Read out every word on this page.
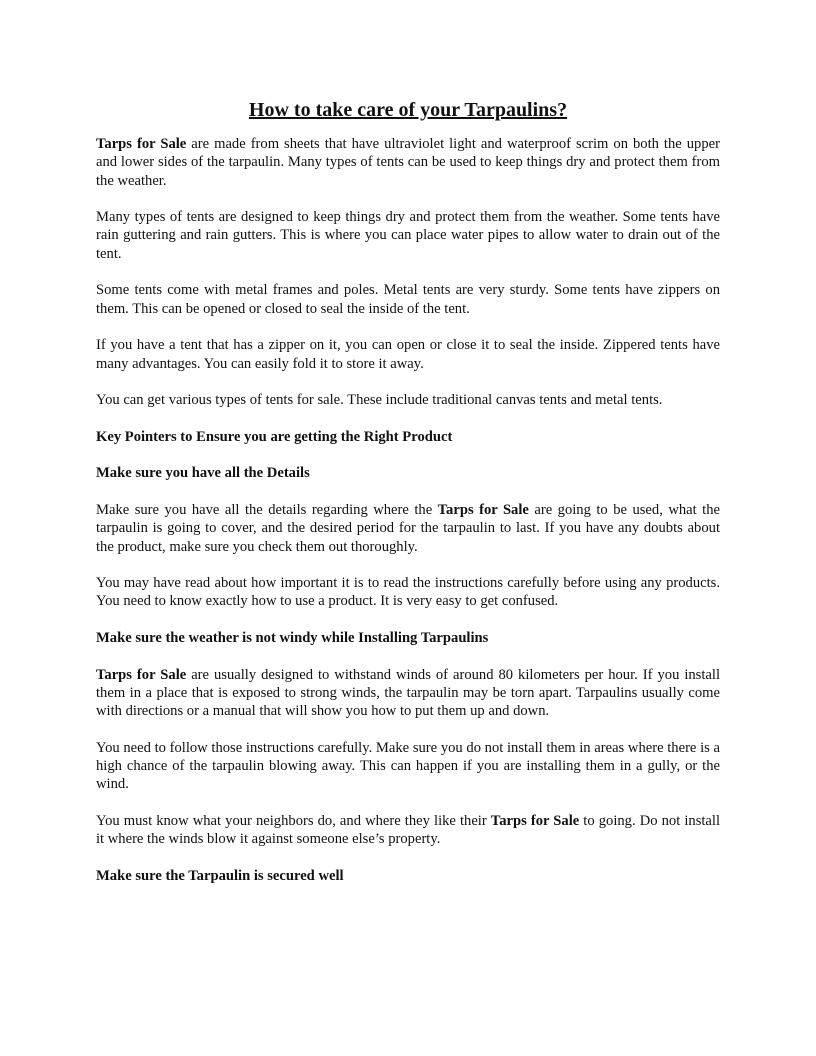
How to take care of your Tarpaulins?

Tarps for Sale are made from sheets that have ultraviolet light and waterproof scrim on both the upper and lower sides of the tarpaulin. Many types of tents can be used to keep things dry and protect them from the weather.

Many types of tents are designed to keep things dry and protect them from the weather. Some tents have rain guttering and rain gutters. This is where you can place water pipes to allow water to drain out of the tent.

Some tents come with metal frames and poles. Metal tents are very sturdy. Some tents have zippers on them. This can be opened or closed to seal the inside of the tent.

If you have a tent that has a zipper on it, you can open or close it to seal the inside. Zippered tents have many advantages. You can easily fold it to store it away.

You can get various types of tents for sale. These include traditional canvas tents and metal tents.

Key Pointers to Ensure you are getting the Right Product
Make sure you have all the Details

Make sure you have all the details regarding where the Tarps for Sale are going to be used, what the tarpaulin is going to cover, and the desired period for the tarpaulin to last. If you have any doubts about the product, make sure you check them out thoroughly.

You may have read about how important it is to read the instructions carefully before using any products. You need to know exactly how to use a product. It is very easy to get confused.

Make sure the weather is not windy while Installing Tarpaulins

Tarps for Sale are usually designed to withstand winds of around 80 kilometers per hour. If you install them in a place that is exposed to strong winds, the tarpaulin may be torn apart. Tarpaulins usually come with directions or a manual that will show you how to put them up and down.

You need to follow those instructions carefully. Make sure you do not install them in areas where there is a high chance of the tarpaulin blowing away. This can happen if you are installing them in a gully, or the wind.

You must know what your neighbors do, and where they like their Tarps for Sale to going. Do not install it where the winds blow it against someone else’s property.

Make sure the Tarpaulin is secured well
